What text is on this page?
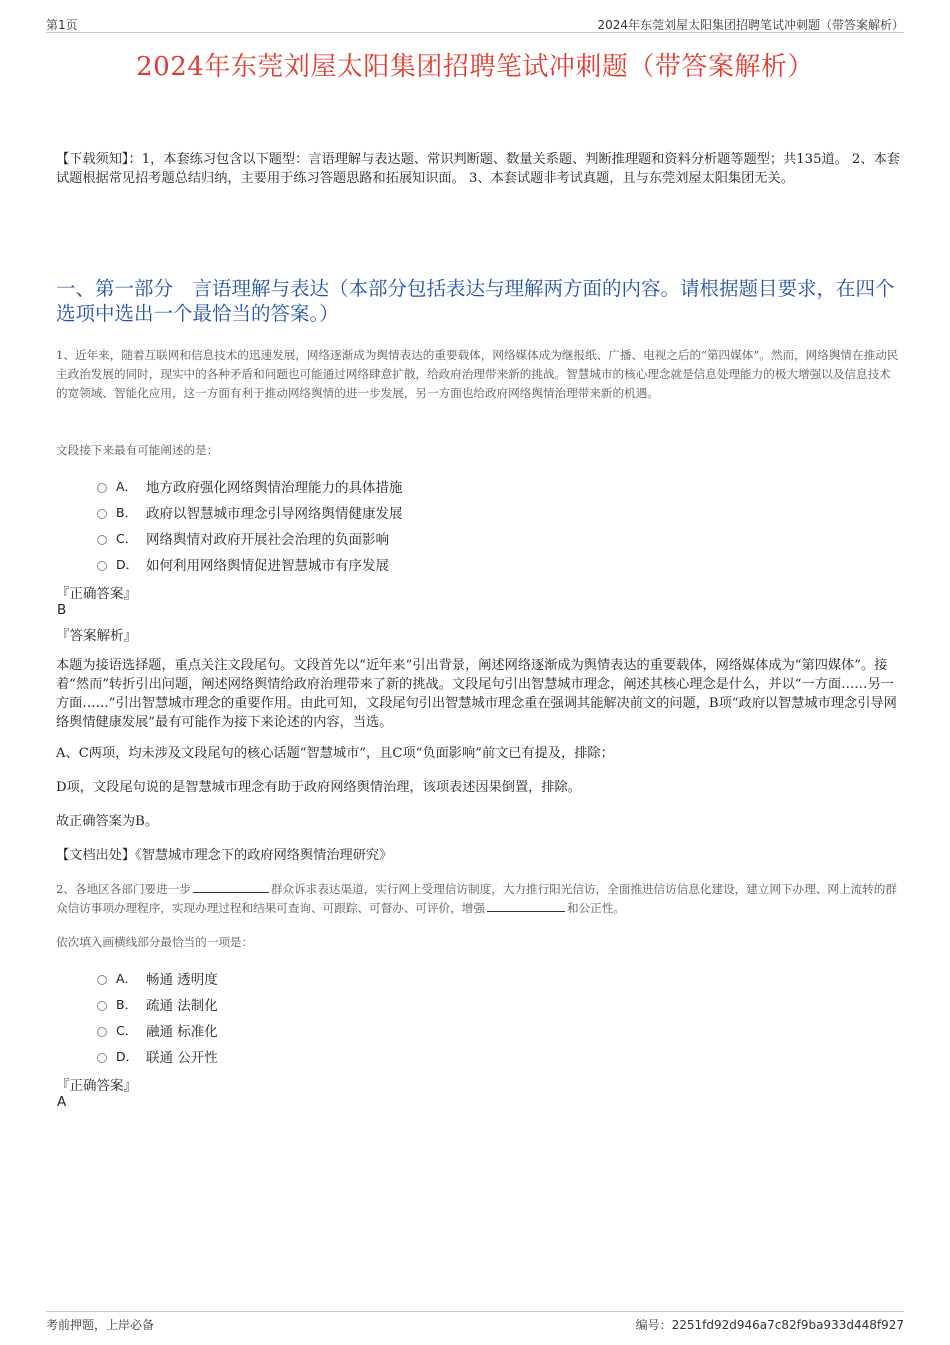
第1页	2024年东莞刘屋太阳集团招聘笔试冲刺题（带答案解析）
2024年东莞刘屋太阳集团招聘笔试冲刺题（带答案解析）
【下载须知】：1，本套练习包含以下题型：言语理解与表达题、常识判断题、数量关系题、判断推理题和资料分析题等题型；共135道。 2、本套试题根据常见招考题总结归纳，主要用于练习答题思路和拓展知识面。 3、本套试题非考试真题，且与东莞刘屋太阳集团无关。
一、第一部分　言语理解与表达（本部分包括表达与理解两方面的内容。请根据题目要求，在四个选项中选出一个最恰当的答案。）
1、近年来，随着互联网和信息技术的迅速发展，网络逐渐成为舆情表达的重要载体，网络媒体成为继报纸、广播、电视之后的“第四媒体”。然而，网络舆情在推动民主政治发展的同时，现实中的各种矛盾和问题也可能通过网络肆意扩散，给政府治理带来新的挑战。智慧城市的核心理念就是信息处理能力的极大增强以及信息技术的宽领域、智能化应用，这一方面有利于推动网络舆情的进一步发展，另一方面也给政府网络舆情治理带来新的机遇。
文段接下来最有可能阐述的是：
A． 地方政府强化网络舆情治理能力的具体措施
B． 政府以智慧城市理念引导网络舆情健康发展
C． 网络舆情对政府开展社会治理的负面影响
D． 如何利用网络舆情促进智慧城市有序发展
『正确答案』
B
『答案解析』
本题为接语选择题，重点关注文段尾句。文段首先以“近年来”引出背景，阐述网络逐渐成为舆情表达的重要载体，网络媒体成为“第四媒体”。接着“然而”转折引出问题，阐述网络舆情给政府治理带来了新的挑战。文段尾句引出智慧城市理念，阐述其核心理念是什么，并以“一方面……另一方面……”引出智慧城市理念的重要作用。由此可知，文段尾句引出智慧城市理念重在强调其能解决前文的问题，B项“政府以智慧城市理念引导网络舆情健康发展”最有可能作为接下来论述的内容，当选。
A、C两项，均未涉及文段尾句的核心话题“智慧城市”，且C项“负面影响”前文已有提及，排除；
D项，文段尾句说的是智慧城市理念有助于政府网络舆情治理，该项表述因果倒置，排除。
故正确答案为B。
【文档出处】《智慧城市理念下的政府网络舆情治理研究》
2、各地区各部门要进一步	群众诉求表达渠道，实行网上受理信访制度，大力推行阳光信访，全面推进信访信息化建设，建立网下办理、网上流转的群众信访事项办理程序，实现办理过程和结果可查询、可跟踪、可督办、可评价，增强	和公正性。
依次填入画横线部分最恰当的一项是：
A． 畅通 透明度
B． 疏通 法制化
C． 融通 标准化
D． 联通 公开性
『正确答案』
A
考前押题，上岸必备	编号：2251fd92d946a7c82f9ba933d448f927
